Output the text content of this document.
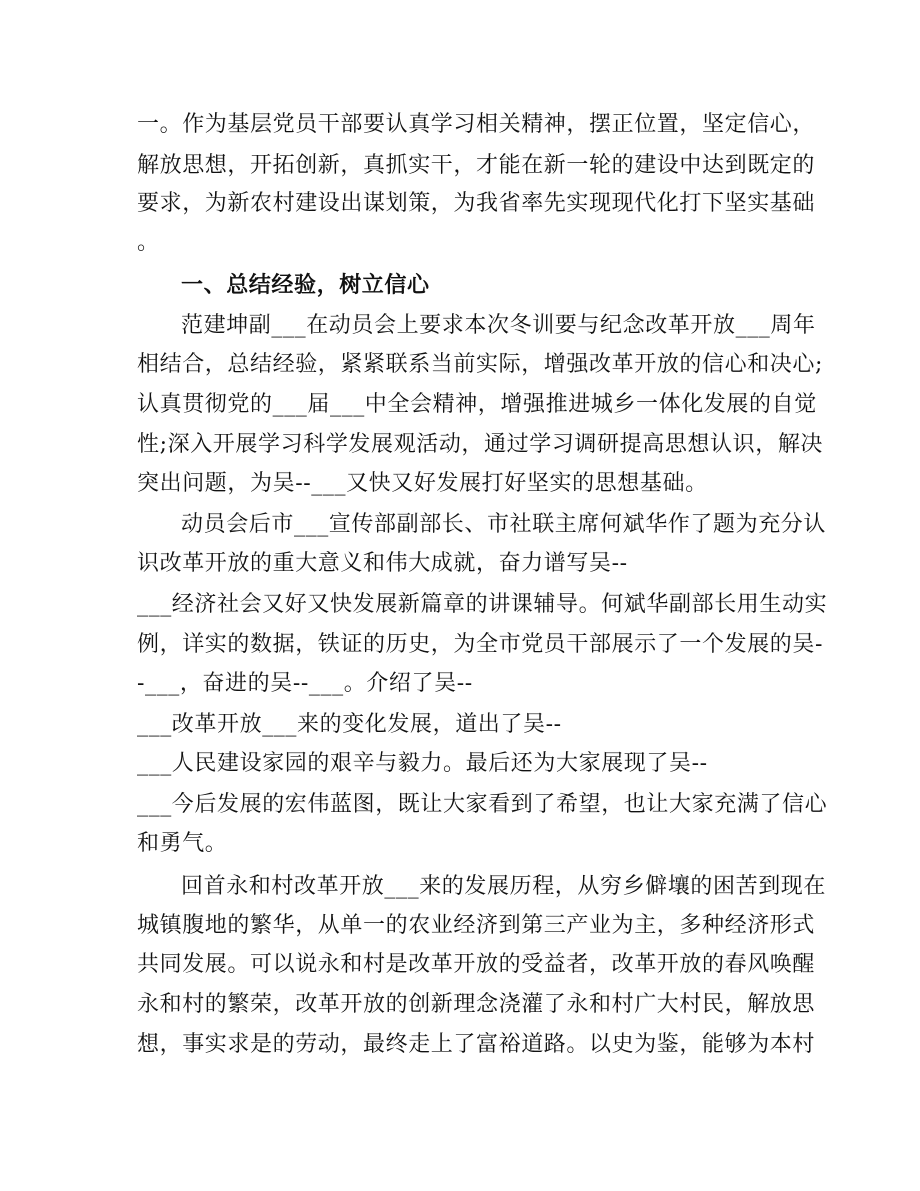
一。作为基层党员干部要认真学习相关精神，摆正位置，坚定信心，
解放思想，开拓创新，真抓实干，才能在新一轮的建设中达到既定的
要求，为新农村建设出谋划策，为我省率先实现现代化打下坚实基础
。
一、总结经验，树立信心
范建坤副___在动员会上要求本次冬训要与纪念改革开放___周年
相结合，总结经验，紧紧联系当前实际，增强改革开放的信心和决心;
认真贯彻党的___届___中全会精神，增强推进城乡一体化发展的自觉
性;深入开展学习科学发展观活动，通过学习调研提高思想认识，解决
突出问题，为吴--___又快又好发展打好坚实的思想基础。
动员会后市___宣传部副部长、市社联主席何斌华作了题为充分认
识改革开放的重大意义和伟大成就，奋力谱写吴--
___经济社会又好又快发展新篇章的讲课辅导。何斌华副部长用生动实
例，详实的数据，铁证的历史，为全市党员干部展示了一个发展的吴-
-___，奋进的吴--___。介绍了吴--
___改革开放___来的变化发展，道出了吴--
___人民建设家园的艰辛与毅力。最后还为大家展现了吴--
___今后发展的宏伟蓝图，既让大家看到了希望，也让大家充满了信心
和勇气。
回首永和村改革开放___来的发展历程，从穷乡僻壤的困苦到现在
城镇腹地的繁华，从单一的农业经济到第三产业为主，多种经济形式
共同发展。可以说永和村是改革开放的受益者，改革开放的春风唤醒
永和村的繁荣，改革开放的创新理念浇灌了永和村广大村民，解放思
想，事实求是的劳动，最终走上了富裕道路。以史为鉴，能够为本村
